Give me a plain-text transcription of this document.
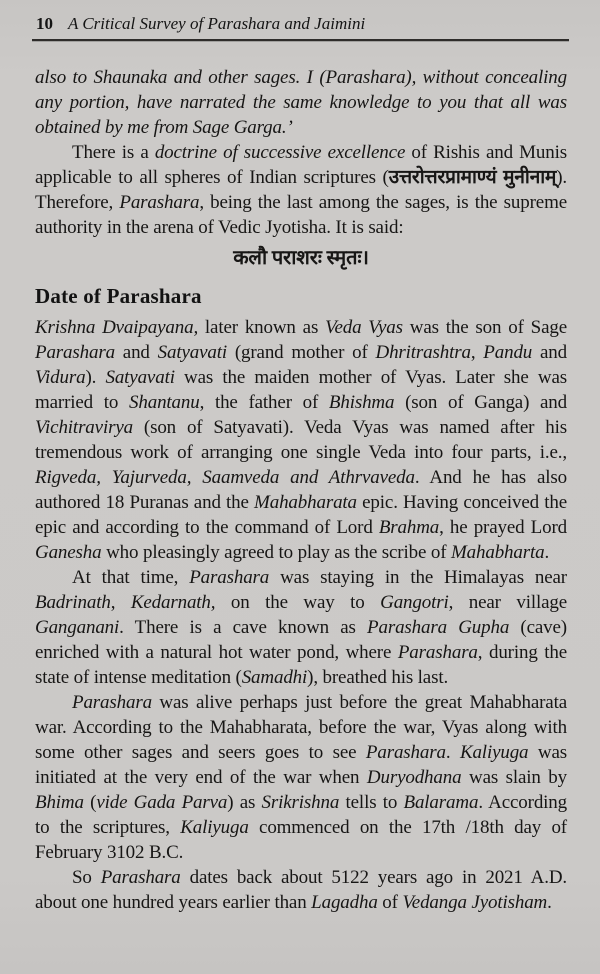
10 A Critical Survey of Parashara and Jaimini

also to Shaunaka and other sages. I (Parashara), without concealing any portion, have narrated the same knowledge to you that all was obtained by me from Sage Garga.’

There is a doctrine of successive excellence of Rishis and Munis applicable to all spheres of Indian scriptures (उत्तरोत्तरप्रामाण्यं मुनीनाम्). Therefore, Parashara, being the last among the sages, is the supreme authority in the arena of Vedic Jyotisha. It is said:

कलौ पराशरः स्मृतः।

Date of Parashara

Krishna Dvaipayana, later known as Veda Vyas was the son of Sage Parashara and Satyavati (grand mother of Dhritrashtra, Pandu and Vidura). Satyavati was the maiden mother of Vyas. Later she was married to Shantanu, the father of Bhishma (son of Ganga) and Vichitravirya (son of Satyavati). Veda Vyas was named after his tremendous work of arranging one single Veda into four parts, i.e., Rigveda, Yajurveda, Saamveda and Athrvaveda. And he has also authored 18 Puranas and the Mahabharata epic. Having conceived the epic and according to the command of Lord Brahma, he prayed Lord Ganesha who pleasingly agreed to play as the scribe of Mahabharta.

At that time, Parashara was staying in the Himalayas near Badrinath, Kedarnath, on the way to Gangotri, near village Ganganani. There is a cave known as Parashara Gupha (cave) enriched with a natural hot water pond, where Parashara, during the state of intense meditation (Samadhi), breathed his last.

Parashara was alive perhaps just before the great Mahabharata war. According to the Mahabharata, before the war, Vyas along with some other sages and seers goes to see Parashara. Kaliyuga was initiated at the very end of the war when Duryodhana was slain by Bhima (vide Gada Parva) as Srikrishna tells to Balarama. According to the scriptures, Kaliyuga commenced on the 17th /18th day of February 3102 B.C.

So Parashara dates back about 5122 years ago in 2021 A.D. about one hundred years earlier than Lagadha of Vedanga Jyotisham.
